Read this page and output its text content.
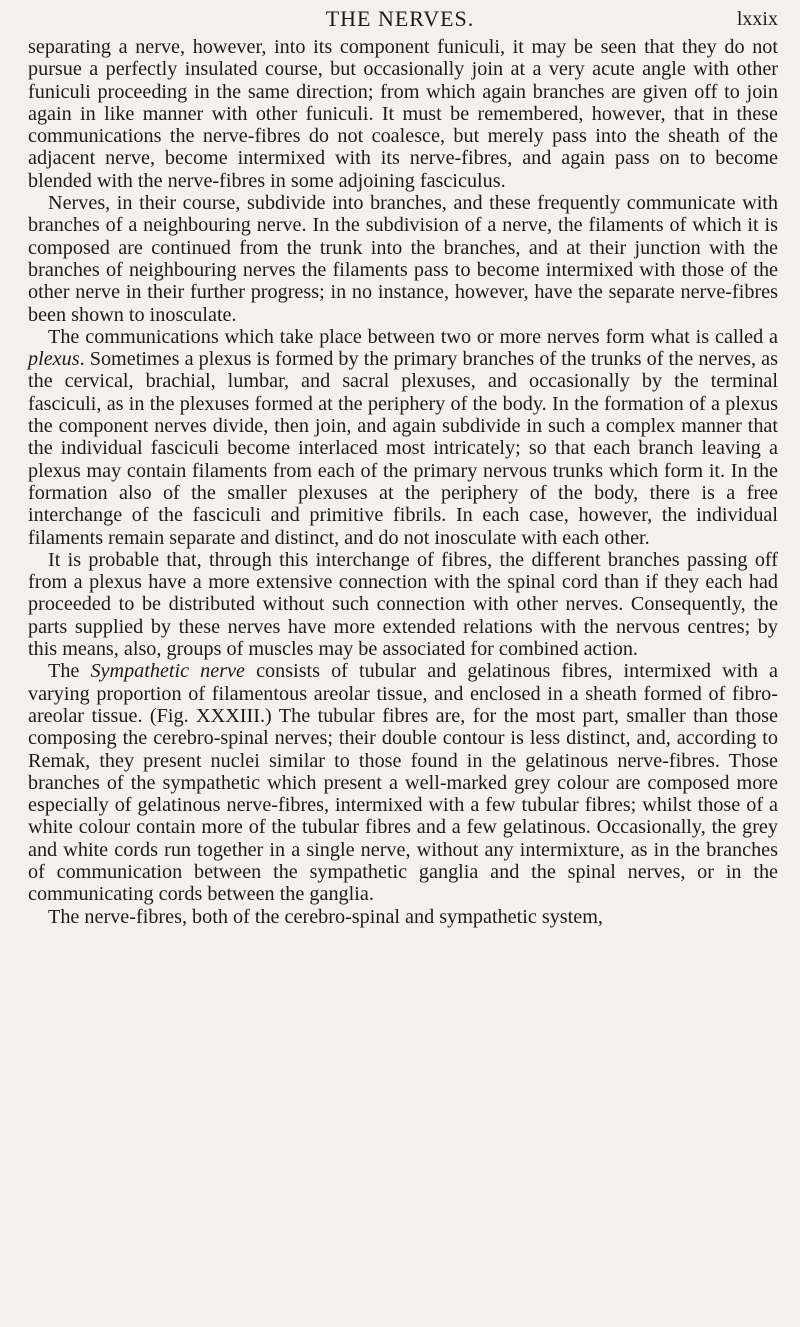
THE NERVES.	lxxix

separating a nerve, however, into its component funiculi, it may be seen that they do not pursue a perfectly insulated course, but occasionally join at a very acute angle with other funiculi proceeding in the same direction; from which again branches are given off to join again in like manner with other funiculi. It must be remembered, however, that in these communications the nerve-fibres do not coalesce, but merely pass into the sheath of the adjacent nerve, become intermixed with its nerve-fibres, and again pass on to become blended with the nerve-fibres in some adjoining fasciculus.

Nerves, in their course, subdivide into branches, and these frequently communicate with branches of a neighbouring nerve. In the subdivision of a nerve, the filaments of which it is composed are continued from the trunk into the branches, and at their junction with the branches of neighbouring nerves the filaments pass to become intermixed with those of the other nerve in their further progress; in no instance, however, have the separate nerve-fibres been shown to inosculate.

The communications which take place between two or more nerves form what is called a plexus. Sometimes a plexus is formed by the primary branches of the trunks of the nerves, as the cervical, brachial, lumbar, and sacral plexuses, and occasionally by the terminal fasciculi, as in the plexuses formed at the periphery of the body. In the formation of a plexus the component nerves divide, then join, and again subdivide in such a complex manner that the individual fasciculi become interlaced most intricately; so that each branch leaving a plexus may contain filaments from each of the primary nervous trunks which form it. In the formation also of the smaller plexuses at the periphery of the body, there is a free interchange of the fasciculi and primitive fibrils. In each case, however, the individual filaments remain separate and distinct, and do not inosculate with each other.

It is probable that, through this interchange of fibres, the different branches passing off from a plexus have a more extensive connection with the spinal cord than if they each had proceeded to be distributed without such connection with other nerves. Consequently, the parts supplied by these nerves have more extended relations with the nervous centres; by this means, also, groups of muscles may be associated for combined action.

The Sympathetic nerve consists of tubular and gelatinous fibres, intermixed with a varying proportion of filamentous areolar tissue, and enclosed in a sheath formed of fibro-areolar tissue. (Fig. XXXIII.) The tubular fibres are, for the most part, smaller than those composing the cerebro-spinal nerves; their double contour is less distinct, and, according to Remak, they present nuclei similar to those found in the gelatinous nerve-fibres. Those branches of the sympathetic which present a well-marked grey colour are composed more especially of gelatinous nerve-fibres, intermixed with a few tubular fibres; whilst those of a white colour contain more of the tubular fibres and a few gelatinous. Occasionally, the grey and white cords run together in a single nerve, without any intermixture, as in the branches of communication between the sympathetic ganglia and the spinal nerves, or in the communicating cords between the ganglia.

The nerve-fibres, both of the cerebro-spinal and sympathetic system,
